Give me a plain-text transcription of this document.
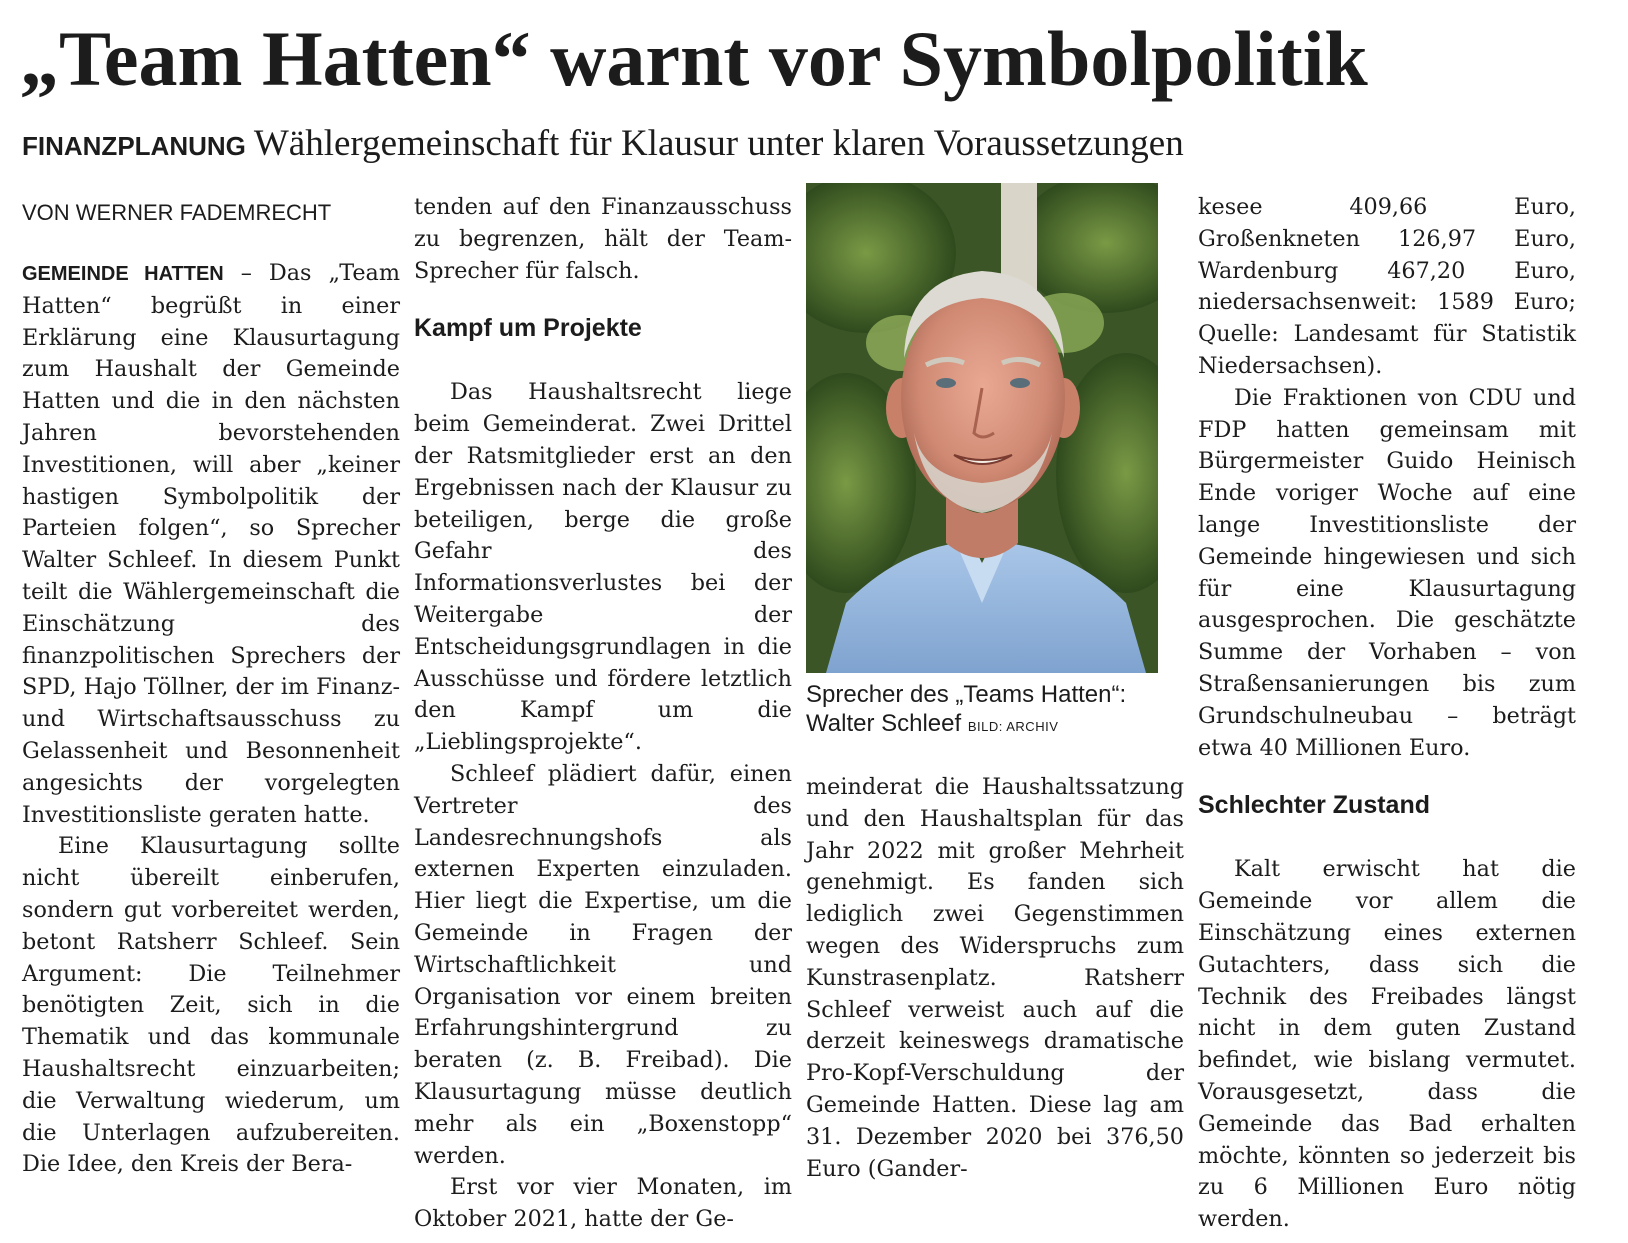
„Team Hatten“ warnt vor Symbolpolitik
FINANZPLANUNG Wählergemeinschaft für Klausur unter klaren Voraussetzungen
VON WERNER FADEMRECHT

GEMEINDE HATTEN – Das „Team Hatten“ begrüßt in einer Erklärung eine Klausurtagung zum Haushalt der Gemeinde Hatten und die in den nächsten Jahren bevorstehenden Investitionen, will aber „keiner hastigen Symbolpolitik der Parteien folgen“, so Sprecher Walter Schleef. In diesem Punkt teilt die Wählergemeinschaft die Einschätzung des finanzpolitischen Sprechers der SPD, Hajo Töllner, der im Finanz- und Wirtschaftsausschuss zu Gelassenheit und Besonnenheit angesichts der vorgelegten Investitionsliste geraten hatte.

Eine Klausurtagung sollte nicht übereilt einberufen, sondern gut vorbereitet werden, betont Ratsherr Schleef. Sein Argument: Die Teilnehmer benötigten Zeit, sich in die Thematik und das kommunale Haushaltsrecht einzuarbeiten; die Verwaltung wiederum, um die Unterlagen aufzubereiten. Die Idee, den Kreis der Bera-

tenden auf den Finanzausschuss zu begrenzen, hält der Team-Sprecher für falsch.

Kampf um Projekte

Das Haushaltsrecht liege beim Gemeinderat. Zwei Drittel der Ratsmitglieder erst an den Ergebnissen nach der Klausur zu beteiligen, berge die große Gefahr des Informationsverlustes bei der Weitergabe der Entscheidungsgrundlagen in die Ausschüsse und fördere letztlich den Kampf um die „Lieblingsprojekte“.

Schleef plädiert dafür, einen Vertreter des Landesrechnungshofs als externen Experten einzuladen. Hier liegt die Expertise, um die Gemeinde in Fragen der Wirtschaftlichkeit und Organisation vor einem breiten Erfahrungshintergrund zu beraten (z. B. Freibad). Die Klausurtagung müsse deutlich mehr als ein „Boxenstopp“ werden.

Erst vor vier Monaten, im Oktober 2021, hatte der Ge-

Sprecher des „Teams Hatten“: Walter Schleef BILD: ARCHIV

meinderat die Haushaltssatzung und den Haushaltsplan für das Jahr 2022 mit großer Mehrheit genehmigt. Es fanden sich lediglich zwei Gegenstimmen wegen des Widerspruchs zum Kunstrasenplatz. Ratsherr Schleef verweist auch auf die derzeit keineswegs dramatische Pro-Kopf-Verschuldung der Gemeinde Hatten. Diese lag am 31. Dezember 2020 bei 376,50 Euro (Gander-

kesee 409,66 Euro, Großenkneten 126,97 Euro, Wardenburg 467,20 Euro, niedersachsenweit: 1589 Euro; Quelle: Landesamt für Statistik Niedersachsen).

Die Fraktionen von CDU und FDP hatten gemeinsam mit Bürgermeister Guido Heinisch Ende voriger Woche auf eine lange Investitionsliste der Gemeinde hingewiesen und sich für eine Klausurtagung ausgesprochen. Die geschätzte Summe der Vorhaben – von Straßensanierungen bis zum Grundschulneubau – beträgt etwa 40 Millionen Euro.

Schlechter Zustand

Kalt erwischt hat die Gemeinde vor allem die Einschätzung eines externen Gutachters, dass sich die Technik des Freibades längst nicht in dem guten Zustand befindet, wie bislang vermutet. Vorausgesetzt, dass die Gemeinde das Bad erhalten möchte, könnten so jederzeit bis zu 6 Millionen Euro nötig werden.
